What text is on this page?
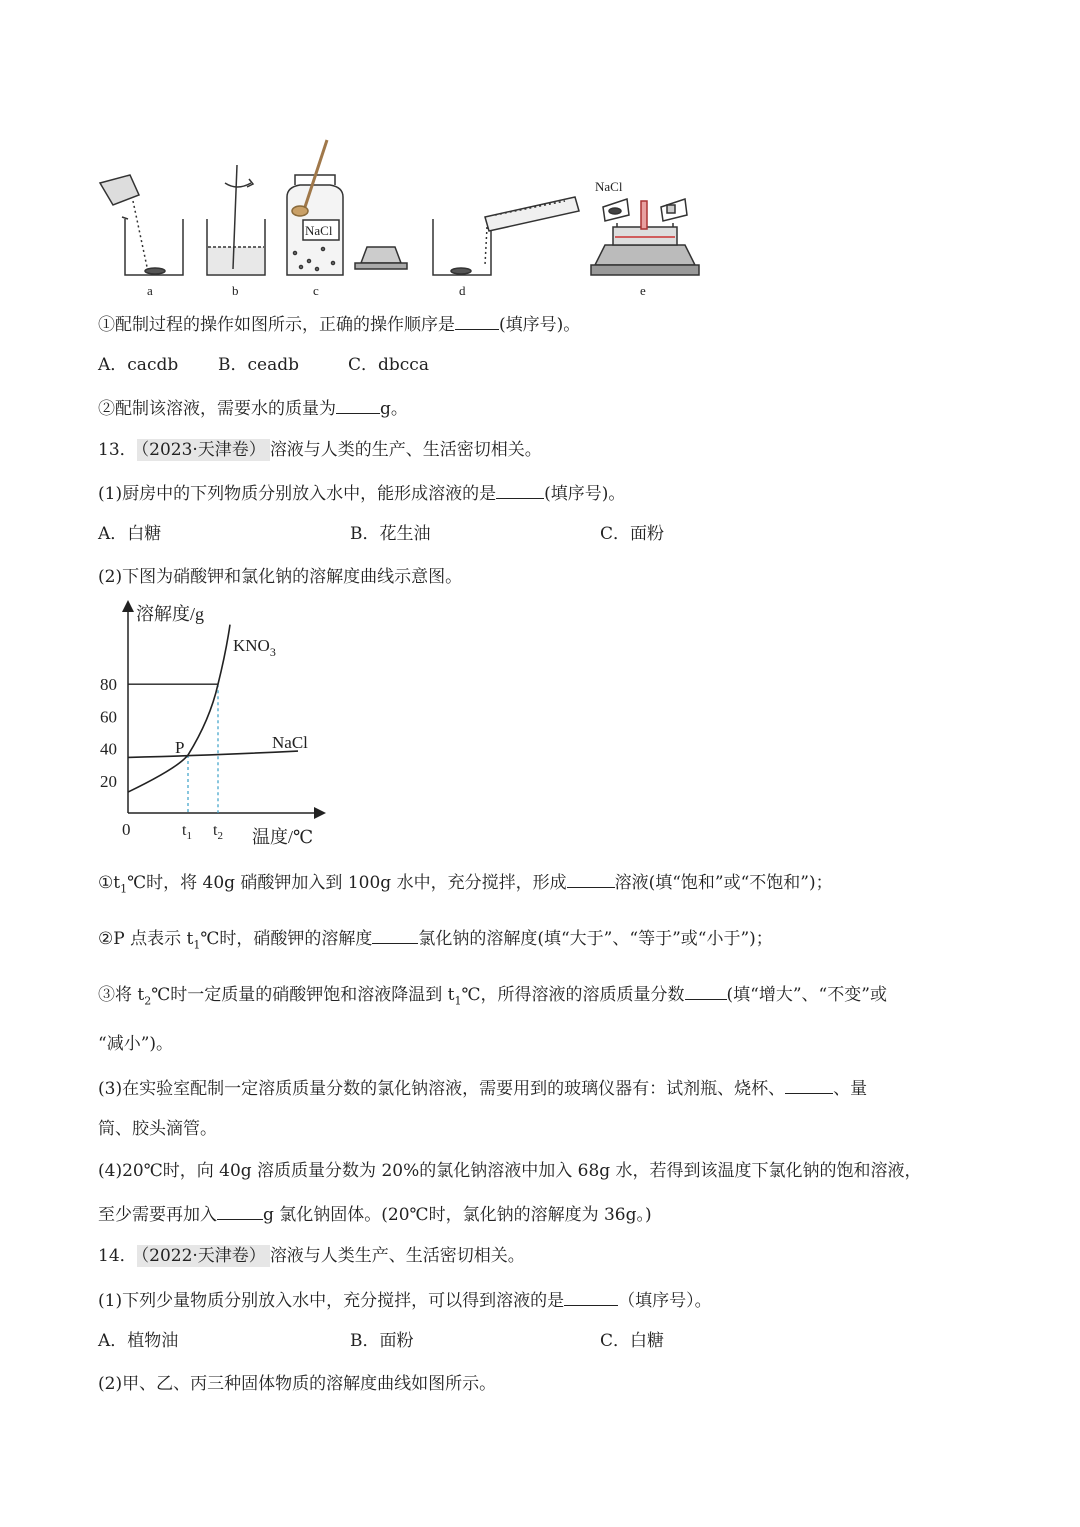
NaCl
NaCl
a	b	c	d	e
①配制过程的操作如图所示，正确的操作顺序是	(填序号)。
A．cacdb B．ceadb	C．dbcca
②配制该溶液，需要水的质量为	g。
13． （2023·天津卷） 溶液与人类的生产、生活密切相关。
(1)厨房中的下列物质分别放入水中，能形成溶液的是	(填序号)。
A．白糖	B．花生油	C．面粉
(2)下图为硝酸钾和氯化钠的溶解度曲线示意图。
溶解度/g
温度/℃
0
20
40
60
80
$KNO_3$
NaCl
P
$t_1$ $t_2$
$①t_1℃$时，将 40g 硝酸钾加入到 100g 水中，充分搅拌，形成	溶液(填“饱和”或“不饱和”)；
②P 点表示 $t_1℃$时，硝酸钾的溶解度	氯化钠的溶解度(填“大于”、“等于”或“小于”)；
③将 $t_2℃$时一定质量的硝酸钾饱和溶液降温到 $t_1℃$，所得溶液的溶质质量分数 (填“增大”、“不变”或
“减小”)。
(3)在实验室配制一定溶质质量分数的氯化钠溶液，需要用到的玻璃仪器有：试剂瓶、烧杯、	、量
筒、胶头滴管。
(4)20℃时，向 40g 溶质质量分数为 20%的氯化钠溶液中加入 68g 水，若得到该温度下氯化钠的饱和溶液，
至少需要再加入	g 氯化钠固体。(20℃时，氯化钠的溶解度为 36g。)
14． （2022·天津卷） 溶液与人类生产、生活密切相关。
(1)下列少量物质分别放入水中，充分搅拌，可以得到溶液的是	（填序号）。
A．植物油	B．面粉	C．白糖
(2)甲、乙、丙三种固体物质的溶解度曲线如图所示。
